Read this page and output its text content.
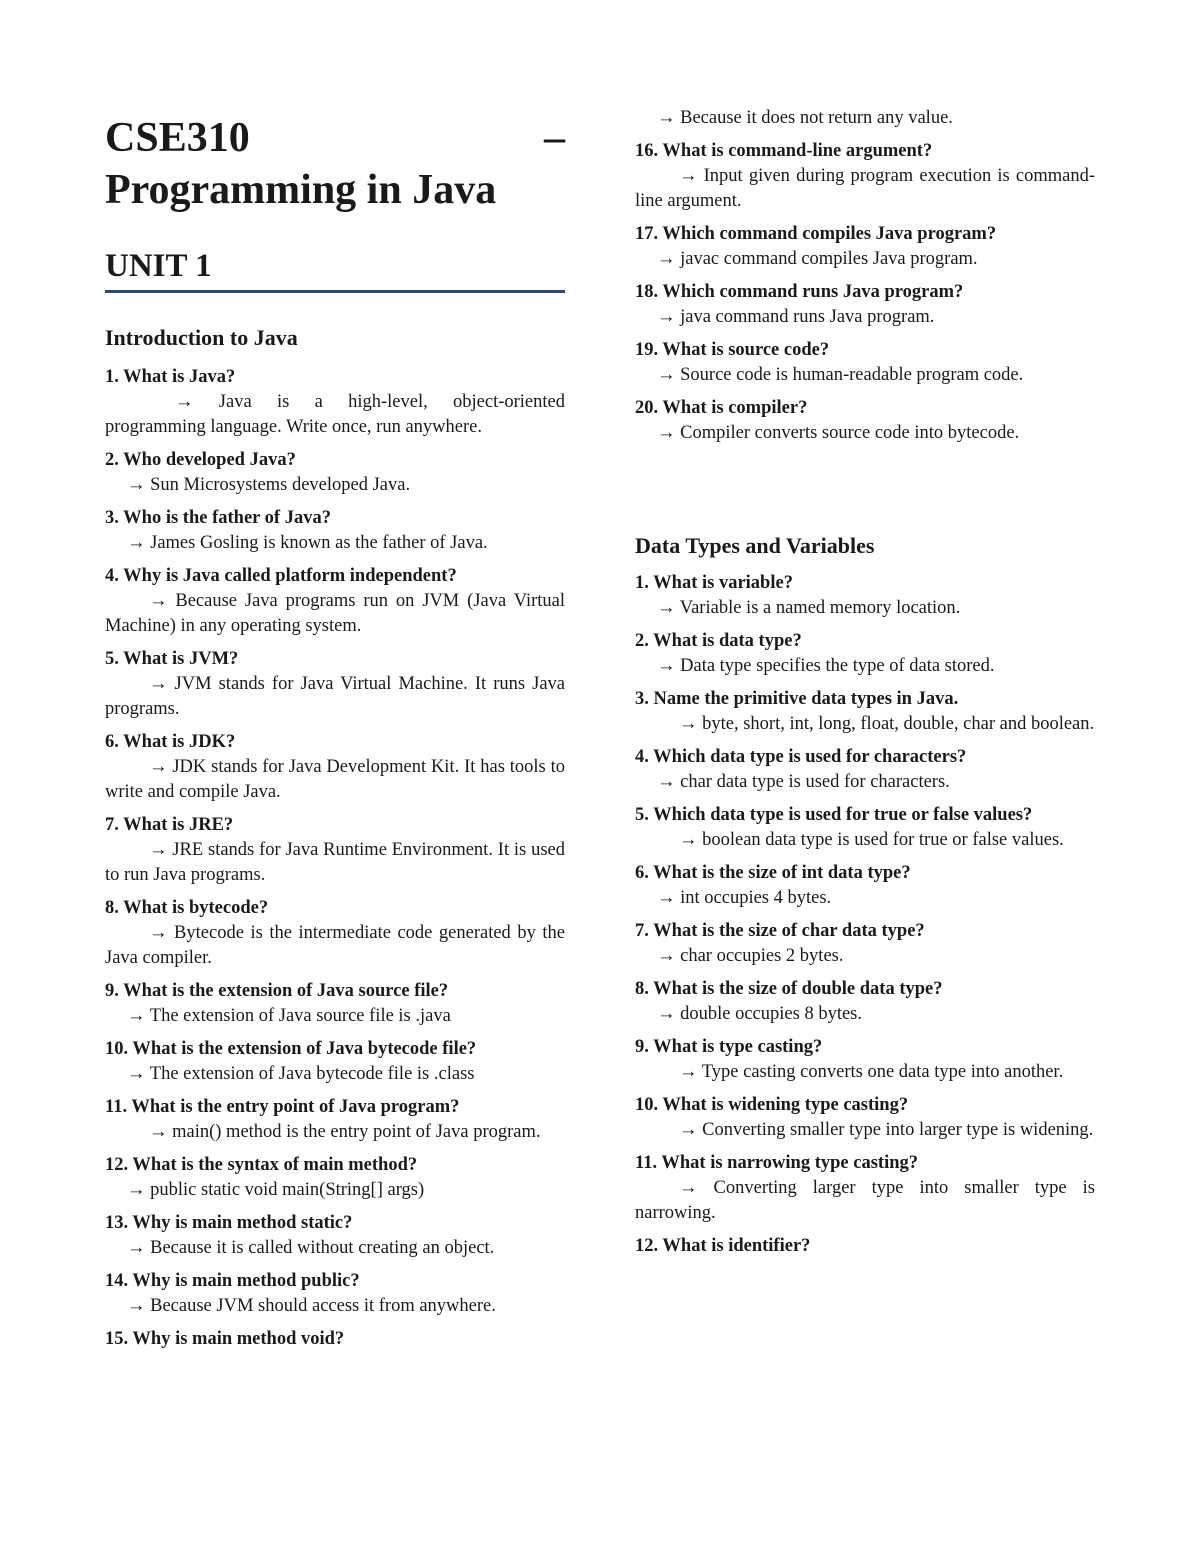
CSE310	–
Programming in Java
UNIT 1
Introduction to Java
1. What is Java?
→ Java is a high-level, object-oriented programming language. Write once, run anywhere.
2. Who developed Java?
→ Sun Microsystems developed Java.
3. Who is the father of Java?
→ James Gosling is known as the father of Java.
4. Why is Java called platform independent?
→ Because Java programs run on JVM (Java Virtual Machine) in any operating system.
5. What is JVM?
→ JVM stands for Java Virtual Machine. It runs Java programs.
6. What is JDK?
→ JDK stands for Java Development Kit. It has tools to write and compile Java.
7. What is JRE?
→ JRE stands for Java Runtime Environment. It is used to run Java programs.
8. What is bytecode?
→ Bytecode is the intermediate code generated by the Java compiler.
9. What is the extension of Java source file?
→ The extension of Java source file is .java
10. What is the extension of Java bytecode file?
→ The extension of Java bytecode file is .class
11. What is the entry point of Java program?
→ main() method is the entry point of Java program.
12. What is the syntax of main method?
→ public static void main(String[] args)
13. Why is main method static?
→ Because it is called without creating an object.
14. Why is main method public?
→ Because JVM should access it from anywhere.
15. Why is main method void?
→ Because it does not return any value.
16. What is command-line argument?
→ Input given during program execution is command-line argument.
17. Which command compiles Java program?
→ javac command compiles Java program.
18. Which command runs Java program?
→ java command runs Java program.
19. What is source code?
→ Source code is human-readable program code.
20. What is compiler?
→ Compiler converts source code into bytecode.
Data Types and Variables
1. What is variable?
→ Variable is a named memory location.
2. What is data type?
→ Data type specifies the type of data stored.
3. Name the primitive data types in Java.
→ byte, short, int, long, float, double, char and boolean.
4. Which data type is used for characters?
→ char data type is used for characters.
5. Which data type is used for true or false values?
→ boolean data type is used for true or false values.
6. What is the size of int data type?
→ int occupies 4 bytes.
7. What is the size of char data type?
→ char occupies 2 bytes.
8. What is the size of double data type?
→ double occupies 8 bytes.
9. What is type casting?
→ Type casting converts one data type into another.
10. What is widening type casting?
→ Converting smaller type into larger type is widening.
11. What is narrowing type casting?
→ Converting larger type into smaller type is narrowing.
12. What is identifier?
